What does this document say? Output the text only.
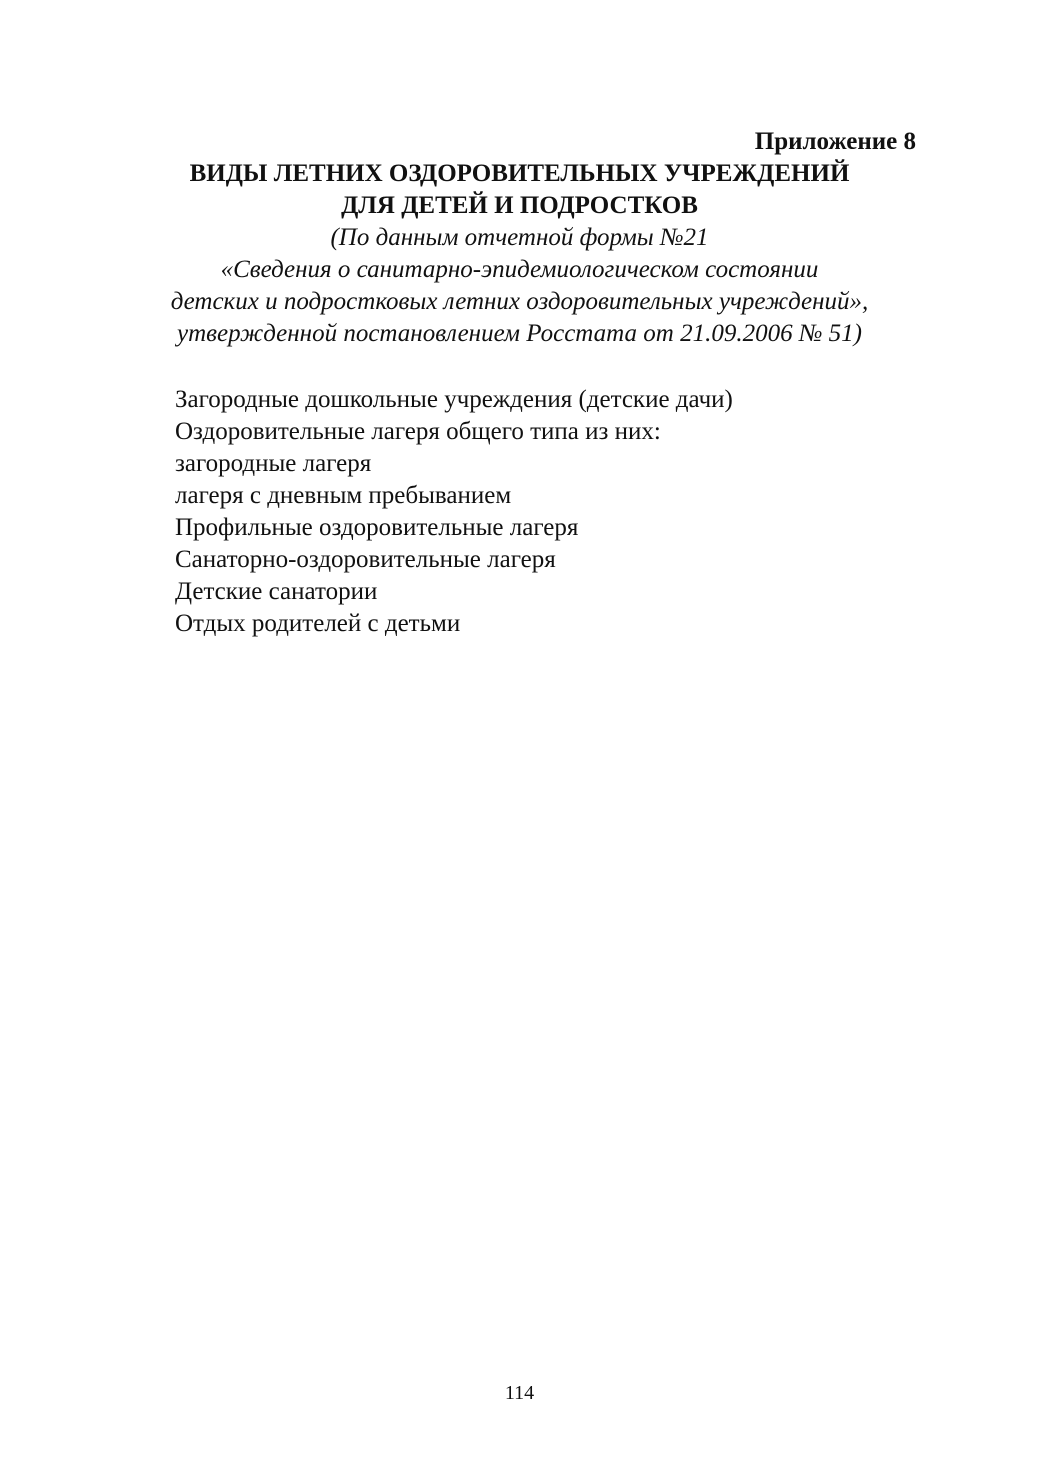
Приложение 8
ВИДЫ ЛЕТНИХ ОЗДОРОВИТЕЛЬНЫХ УЧРЕЖДЕНИЙ
ДЛЯ ДЕТЕЙ И ПОДРОСТКОВ
(По данным отчетной формы №21
«Сведения о санитарно-эпидемиологическом состоянии
детских и подростковых летних оздоровительных учреждений»,
утвержденной постановлением Росстата от 21.09.2006 № 51)
Загородные дошкольные учреждения (детские дачи)
Оздоровительные лагеря общего типа из них:
загородные лагеря
лагеря с дневным пребыванием
Профильные оздоровительные лагеря
Санаторно-оздоровительные лагеря
Детские санатории
Отдых родителей с детьми
114
